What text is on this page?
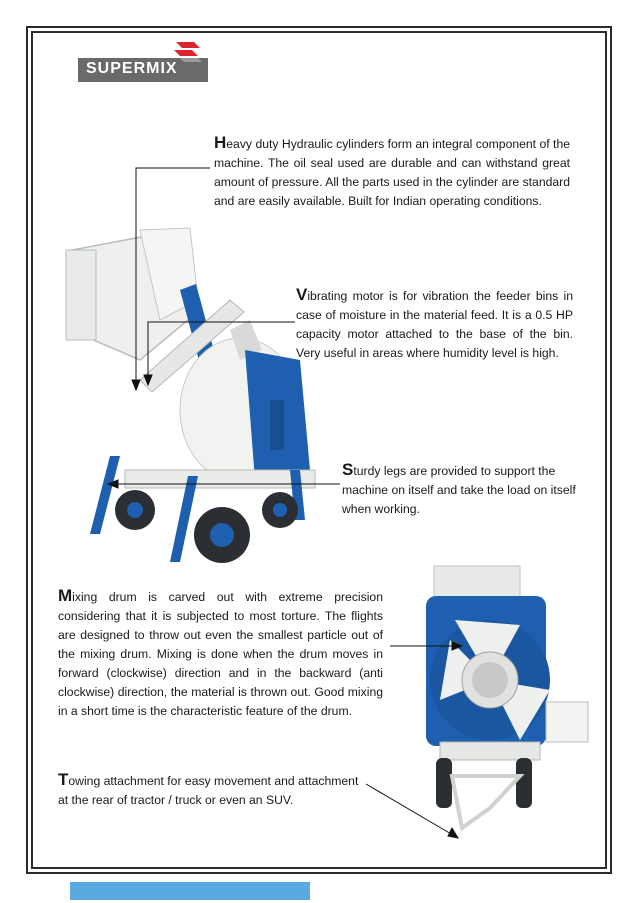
SUPERMIX
Heavy duty Hydraulic cylinders form an integral component of the machine. The oil seal used are durable and can withstand great amount of pressure. All the parts used in the cylinder are standard and are easily available. Built for Indian operating conditions.
Vibrating motor is for vibration the feeder bins in case of moisture in the material feed. It is a 0.5 HP capacity motor attached to the base of the bin. Very useful in areas where humidity level is high.
Sturdy legs are provided to support the machine on itself and take the load on itself when working.
Mixing drum is carved out with extreme precision considering that it is subjected to most torture. The flights are designed to throw out even the smallest particle out of the mixing drum. Mixing is done when the drum moves in forward (clockwise) direction and in the backward (anti clockwise) direction, the material is thrown out. Good mixing in a short time is the characteristic feature of the drum.
Towing attachment for easy movement and attachment at the rear of tractor / truck or even an SUV.
